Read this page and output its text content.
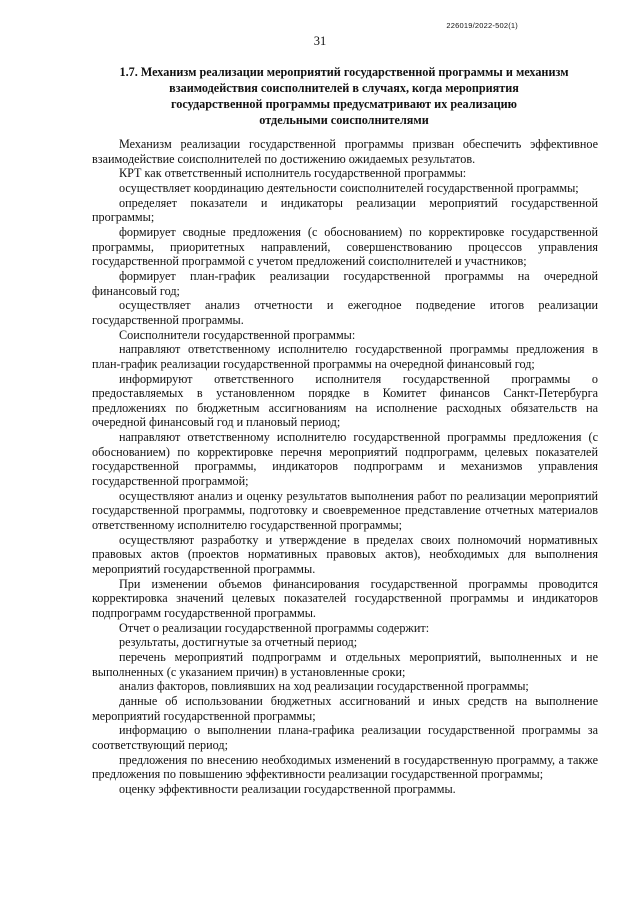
226019/2022-502(1)
31
1.7. Механизм реализации мероприятий государственной программы и механизм
взаимодействия соисполнителей в случаях, когда мероприятия
государственной программы предусматривают их реализацию
отдельными соисполнителями

Механизм реализации государственной программы призван обеспечить эффективное взаимодействие соисполнителей по достижению ожидаемых результатов.

КРТ как ответственный исполнитель государственной программы:

осуществляет координацию деятельности соисполнителей государственной программы;

определяет показатели и индикаторы реализации мероприятий государственной программы;

формирует сводные предложения (с обоснованием) по корректировке государственной программы, приоритетных направлений, совершенствованию процессов управления государственной программой с учетом предложений соисполнителей и участников;

формирует план-график реализации государственной программы на очередной финансовый год;

осуществляет анализ отчетности и ежегодное подведение итогов реализации государственной программы.

Соисполнители государственной программы:

направляют ответственному исполнителю государственной программы предложения в план-график реализации государственной программы на очередной финансовый год;

информируют ответственного исполнителя государственной программы о предоставляемых в установленном порядке в Комитет финансов Санкт-Петербурга предложениях по бюджетным ассигнованиям на исполнение расходных обязательств на очередной финансовый год и плановый период;

направляют ответственному исполнителю государственной программы предложения (с обоснованием) по корректировке перечня мероприятий подпрограмм, целевых показателей государственной программы, индикаторов подпрограмм и механизмов управления государственной программой;

осуществляют анализ и оценку результатов выполнения работ по реализации мероприятий государственной программы, подготовку и своевременное представление отчетных материалов ответственному исполнителю государственной программы;

осуществляют разработку и утверждение в пределах своих полномочий нормативных правовых актов (проектов нормативных правовых актов), необходимых для выполнения мероприятий государственной программы.

При изменении объемов финансирования государственной программы проводится корректировка значений целевых показателей государственной программы и индикаторов подпрограмм государственной программы.

Отчет о реализации государственной программы содержит:

результаты, достигнутые за отчетный период;

перечень мероприятий подпрограмм и отдельных мероприятий, выполненных и не выполненных (с указанием причин) в установленные сроки;

анализ факторов, повлиявших на ход реализации государственной программы;

данные об использовании бюджетных ассигнований и иных средств на выполнение мероприятий государственной программы;

информацию о выполнении плана-графика реализации государственной программы за соответствующий период;

предложения по внесению необходимых изменений в государственную программу, а также предложения по повышению эффективности реализации государственной программы;

оценку эффективности реализации государственной программы.
